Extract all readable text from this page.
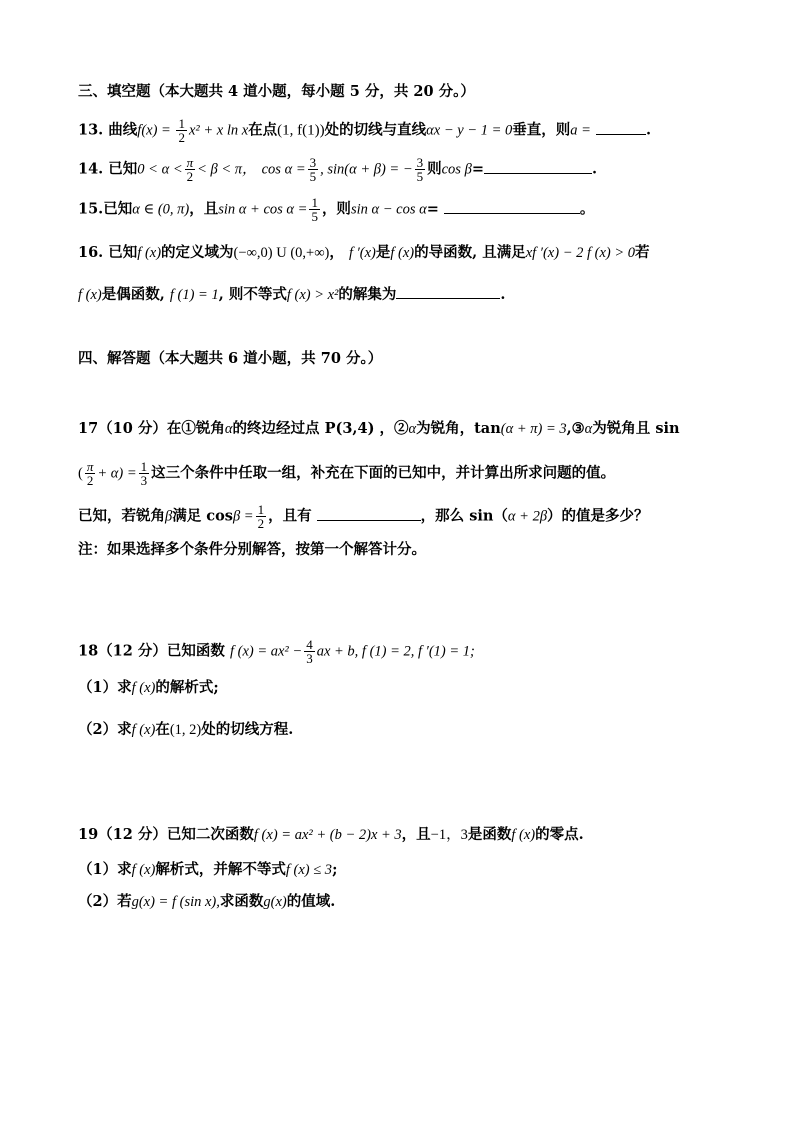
三、填空题（本大题共 4 道小题，每小题 5 分，共 20 分。）
13. 曲线$f(x) = \frac{1}{2} x^2 + x$ ln x在点(1, f(1))处的切线与直线αx − y − 1 = 0垂直，则a =	.
14. 已知$0 < \alpha < \frac{\pi}{2} < \beta < \pi$， $\cos \alpha = \frac{3}{5}$ , sin(α + β) = − $\frac{3}{5}$ 则cos β=	.
15.已知α ∈ (0, π)，且$\sin \alpha + \cos \alpha = \frac{1}{5}$ ，则sin α − cos α=	。
16. 已知f (x)的定义域为(−∞,0) U (0,+∞)， f ′(x)是f (x)的导函数, 且满足xf ′(x) − 2 f (x) > 0若
f (x)是偶函数, f (1) = 1, 则不等式f (x) > x²的解集为	.
四、解答题（本大题共 6 道小题，共 70 分。）
17（10 分）在①锐角α的终边经过点 P(3,4) ，②α为锐角，tan(α + π) = 3,③α为锐角且 sin
( $\frac{\pi}{2} + \alpha) = \frac{1}{3}$ 这三个条件中任取一组，补充在下面的已知中，并计算出所求问题的值。
已知，若锐角β满足 $\cos\beta = \frac{1}{2}$ ，且有	，那么 sin（α + 2β）的值是多少？
注：如果选择多个条件分别解答，按第一个解答计分。
18（12 分）已知函数 f $(x) = ax^2 - \frac{4}{3}$ ax + b, f (1) = 2, f ′(1) = 1;
（1）求f (x)的解析式;
（2）求f (x)在(1, 2)处的切线方程.
19（12 分）已知二次函数f (x) = ax² + (b − 2)x + 3，且−1，3是函数f (x)的零点.
（1）求f (x)解析式，并解不等式f (x) ≤ 3;
（2）若g(x) = f (sin x),求函数g(x)的值域.
